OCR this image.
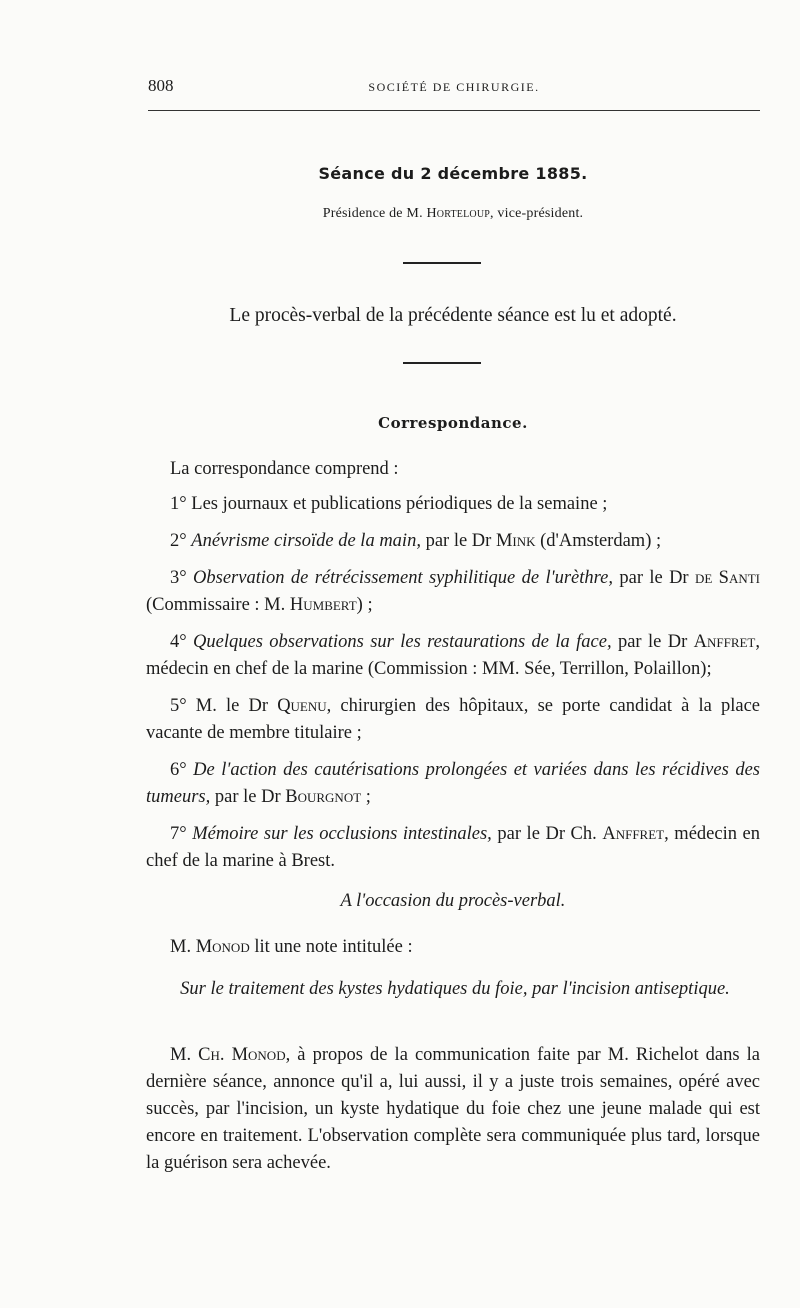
808	SOCIÉTÉ DE CHIRURGIE.
Séance du 2 décembre 1885.
Présidence de M. Horteloup, vice-président.
Le procès-verbal de la précédente séance est lu et adopté.
Correspondance.
La correspondance comprend :

1° Les journaux et publications périodiques de la semaine ;

2° Anévrisme cirsoïde de la main, par le Dr Mink (d'Amsterdam) ;

3° Observation de rétrécissement syphilitique de l'urèthre, par le Dr de Santi (Commissaire : M. Humbert) ;

4° Quelques observations sur les restaurations de la face, par le Dr Anffret, médecin en chef de la marine (Commission : MM. Sée, Terrillon, Polaillon);

5° M. le Dr Quenu, chirurgien des hôpitaux, se porte candidat à la place vacante de membre titulaire ;

6° De l'action des cautérisations prolongées et variées dans les récidives des tumeurs, par le Dr Bourgnot ;

7° Mémoire sur les occlusions intestinales, par le Dr Ch. Anffret, médecin en chef de la marine à Brest.

A l'occasion du procès-verbal.
M. Monod lit une note intitulée :
Sur le traitement des kystes hydatiques du foie, par l'incision antiseptique.
M. Ch. Monod, à propos de la communication faite par M. Richelot dans la dernière séance, annonce qu'il a, lui aussi, il y a juste trois semaines, opéré avec succès, par l'incision, un kyste hydatique du foie chez une jeune malade qui est encore en traitement. L'observation complète sera communiquée plus tard, lorsque la guérison sera achevée.
